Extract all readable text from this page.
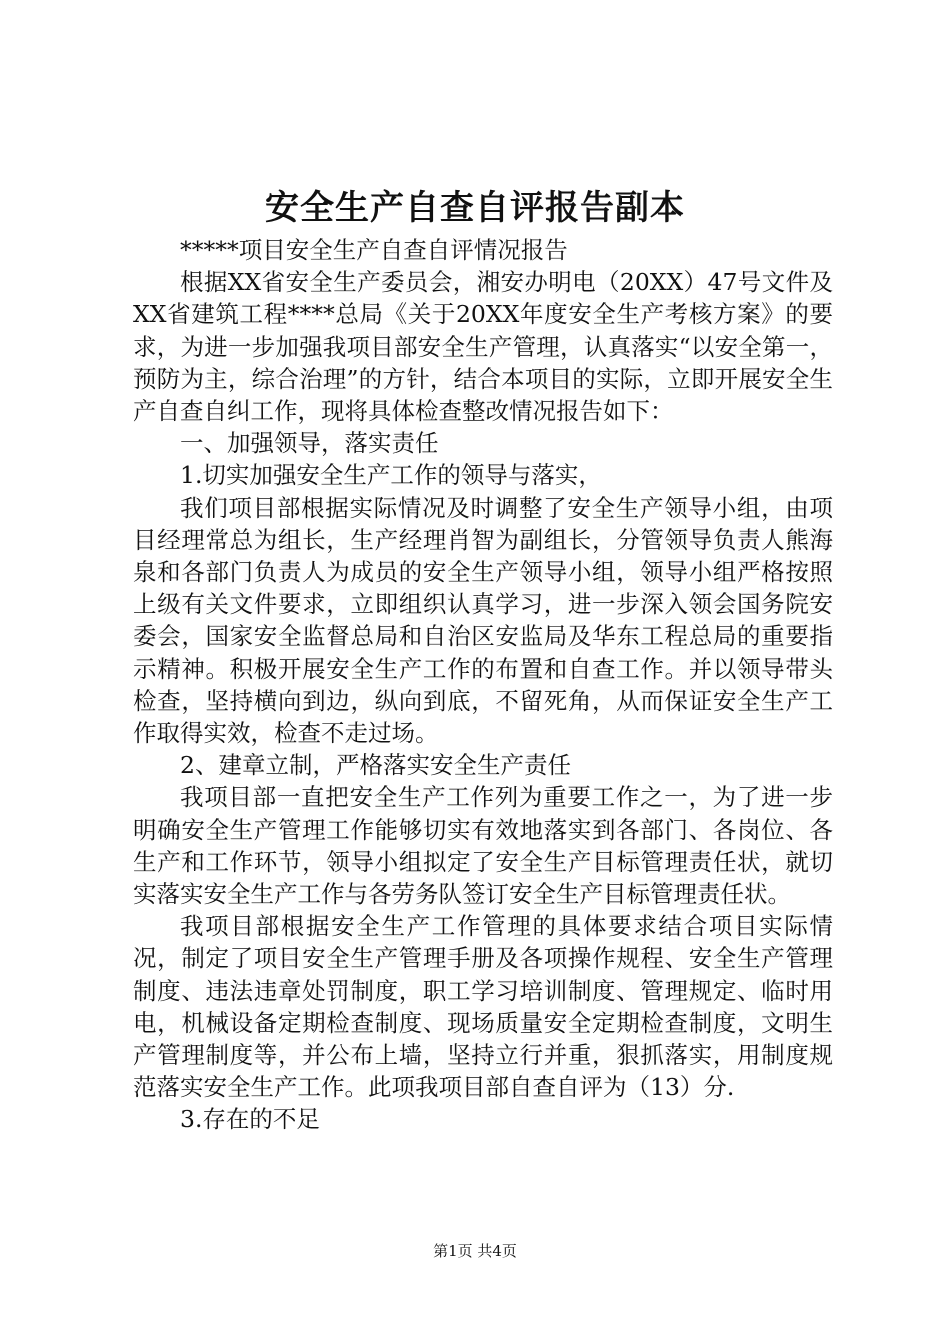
安全生产自查自评报告副本

*****项目安全生产自查自评情况报告

根据XX省安全生产委员会，湘安办明电（20XX）47号文件及XX省建筑工程****总局《关于20XX年度安全生产考核方案》的要求，为进一步加强我项目部安全生产管理，认真落实“以安全第一，预防为主，综合治理”的方针，结合本项目的实际，立即开展安全生产自查自纠工作，现将具体检查整改情况报告如下：

一、加强领导，落实责任

1.切实加强安全生产工作的领导与落实，

我们项目部根据实际情况及时调整了安全生产领导小组，由项目经理常总为组长，生产经理肖智为副组长，分管领导负责人熊海泉和各部门负责人为成员的安全生产领导小组，领导小组严格按照上级有关文件要求，立即组织认真学习，进一步深入领会国务院安委会，国家安全监督总局和自治区安监局及华东工程总局的重要指示精神。积极开展安全生产工作的布置和自查工作。并以领导带头检查，坚持横向到边，纵向到底，不留死角，从而保证安全生产工作取得实效，检查不走过场。

2、建章立制，严格落实安全生产责任

我项目部一直把安全生产工作列为重要工作之一，为了进一步明确安全生产管理工作能够切实有效地落实到各部门、各岗位、各生产和工作环节，领导小组拟定了安全生产目标管理责任状，就切实落实安全生产工作与各劳务队签订安全生产目标管理责任状。

我项目部根据安全生产工作管理的具体要求结合项目实际情况，制定了项目安全生产管理手册及各项操作规程、安全生产管理制度、违法违章处罚制度，职工学习培训制度、管理规定、临时用电，机械设备定期检查制度、现场质量安全定期检查制度，文明生产管理制度等，并公布上墙，坚持立行并重，狠抓落实，用制度规范落实安全生产工作。此项我项目部自查自评为（13）分.

3.存在的不足

第1页 共4页
